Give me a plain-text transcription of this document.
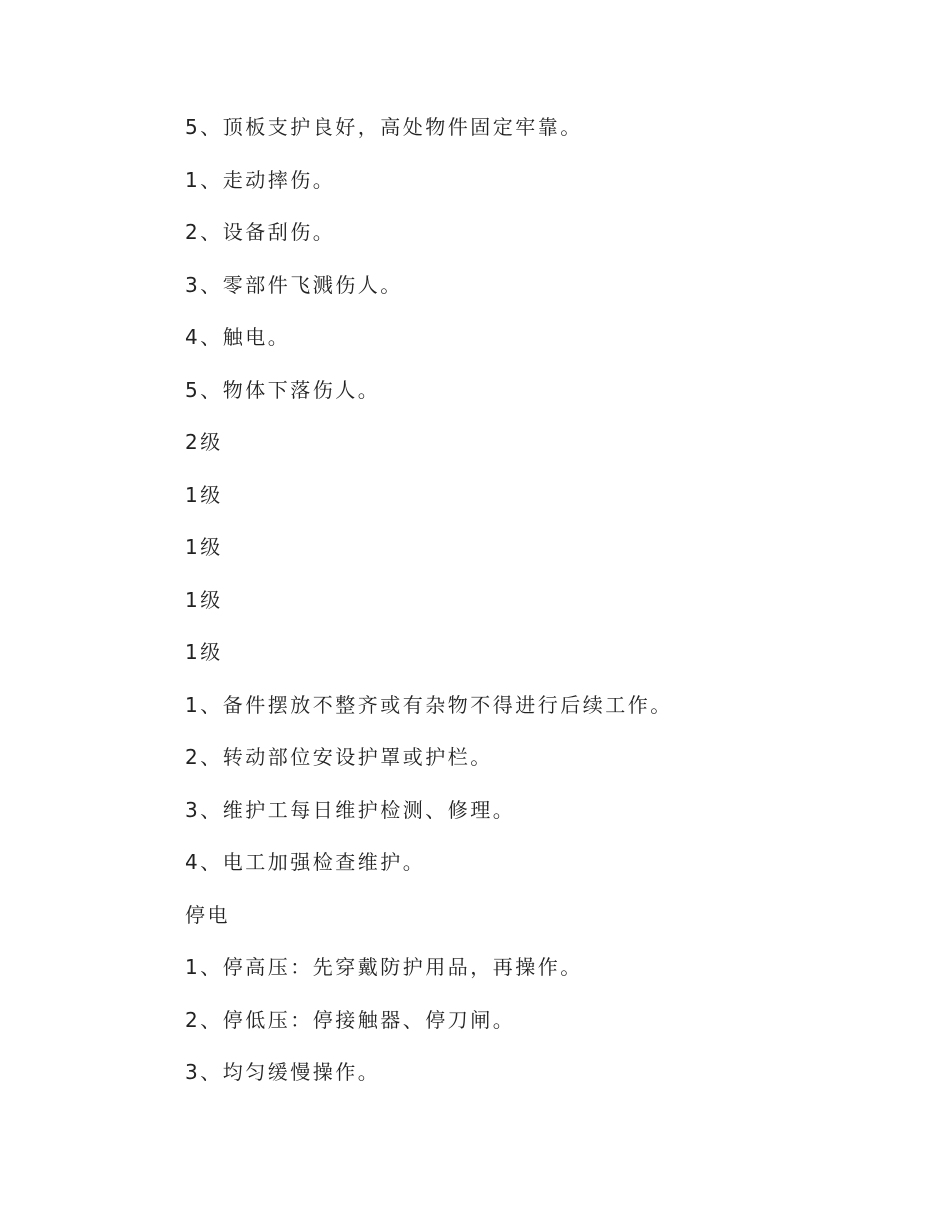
5、顶板支护良好，高处物件固定牢靠。
1、走动摔伤。
2、设备刮伤。
3、零部件飞溅伤人。
4、触电。
5、物体下落伤人。
2级
1级
1级
1级
1级
1、备件摆放不整齐或有杂物不得进行后续工作。
2、转动部位安设护罩或护栏。
3、维护工每日维护检测、修理。
4、电工加强检查维护。
停电
1、停高压：先穿戴防护用品，再操作。
2、停低压：停接触器、停刀闸。
3、均匀缓慢操作。
